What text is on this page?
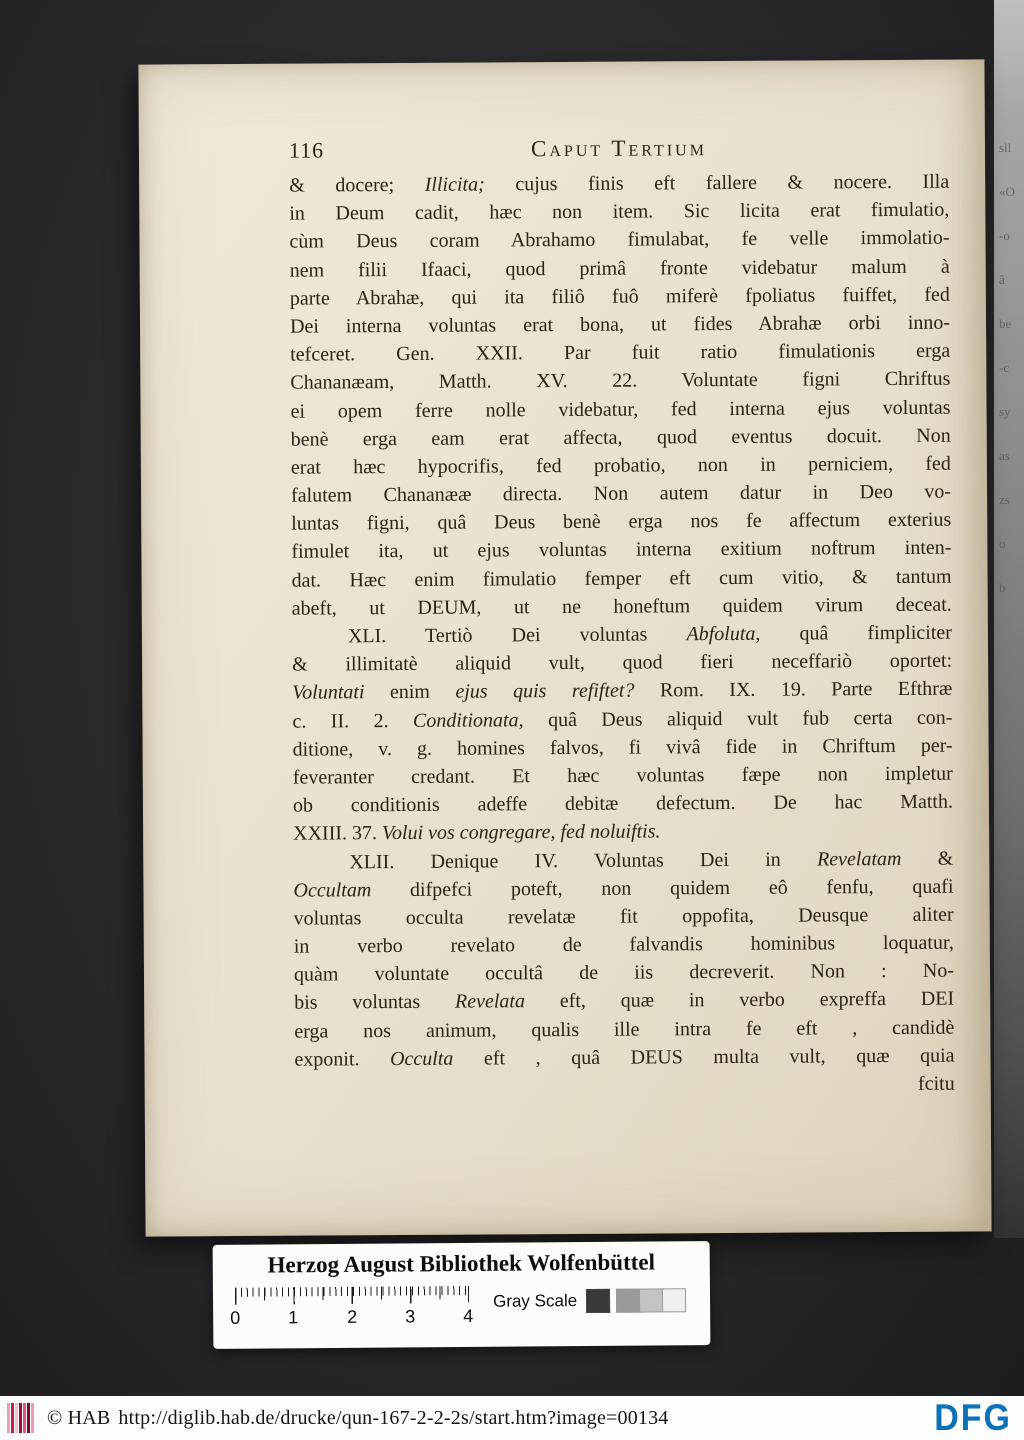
sll
«O
-o
â
be
-c
sy
as
zs
o
b
116	Caput Tertium
& docere; Illicita; cujus finis eft fallere & nocere. Illa
in Deum cadit, hæc non item. Sic licita erat fimulatio,
cùm Deus coram Abrahamo fimulabat, fe velle immolatio-
nem filii Ifaaci, quod primâ fronte videbatur malum à
parte Abrahæ, qui ita filiô fuô miferè fpoliatus fuiffet, fed
Dei interna voluntas erat bona, ut fides Abrahæ orbi inno-
tefceret. Gen. XXII. Par fuit ratio fimulationis erga
Chananæam, Matth. XV. 22. Voluntate figni Chriftus
ei opem ferre nolle videbatur, fed interna ejus voluntas
benè erga eam erat affecta, quod eventus docuit. Non
erat hæc hypocrifis, fed probatio, non in perniciem, fed
falutem Chananææ directa. Non autem datur in Deo vo-
luntas figni, quâ Deus benè erga nos fe affectum exterius
fimulet ita, ut ejus voluntas interna exitium noftrum inten-
dat. Hæc enim fimulatio femper eft cum vitio, & tantum
abeft, ut DEUM, ut ne honeftum quidem virum deceat.
XLI. Tertiò Dei voluntas Abfoluta, quâ fimpliciter
& illimitatè aliquid vult, quod fieri neceffariò oportet:
Voluntati enim ejus quis refiftet? Rom. IX. 19. Parte Efthræ
c. II. 2. Conditionata, quâ Deus aliquid vult fub certa con-
ditione, v. g. homines falvos, fi vivâ fide in Chriftum per-
feveranter credant. Et hæc voluntas fæpe non impletur
ob conditionis adeffe debitæ defectum. De hac Matth.
XXIII. 37. Volui vos congregare, fed noluiftis.
XLII. Denique IV. Voluntas Dei in Revelatam &
Occultam difpefci poteft, non quidem eô fenfu, quafi
voluntas occulta revelatæ fit oppofita, Deusque aliter
in verbo revelato de falvandis hominibus loquatur,
quàm voluntate occultâ de iis decreverit. Non : No-
bis voluntas Revelata eft, quæ in verbo expreffa DEI
erga nos animum, qualis ille intra fe eft , candidè
exponit. Occulta eft , quâ DEUS multa vult, quæ quia
fcitu
Herzog August Bibliothek Wolfenbüttel
0	1	2	3	4
Gray Scale
© HAB http://diglib.hab.de/drucke/qun-167-2-2-2s/start.htm?image=00134	DFG
